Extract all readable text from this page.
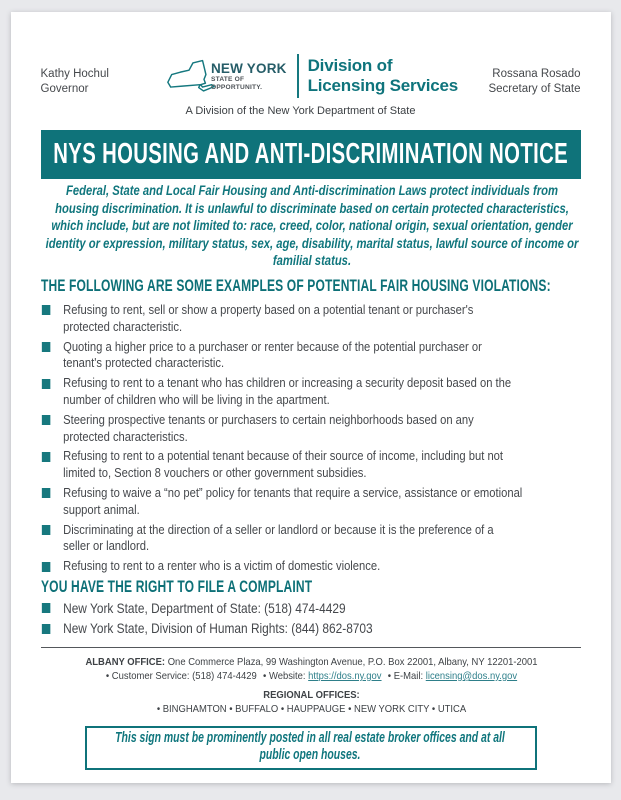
Kathy Hochul
Governor
NEW YORK
STATE OF
OPPORTUNITY.
Division of
Licensing Services
Rossana Rosado
Secretary of State
A Division of the New York Department of State
NYS HOUSING AND ANTI-DISCRIMINATION NOTICE

Federal, State and Local Fair Housing and Anti-discrimination Laws protect individuals from housing discrimination. It is unlawful to discriminate based on certain protected characteristics, which include, but are not limited to: race, creed, color, national origin, sexual orientation, gender identity or expression, military status, sex, age, disability, marital status, lawful source of income or familial status.

THE FOLLOWING ARE SOME EXAMPLES OF POTENTIAL FAIR HOUSING VIOLATIONS:
Refusing to rent, sell or show a property based on a potential tenant or purchaser's protected characteristic.
Quoting a higher price to a purchaser or renter because of the potential purchaser or tenant's protected characteristic.
Refusing to rent to a tenant who has children or increasing a security deposit based on the number of children who will be living in the apartment.
Steering prospective tenants or purchasers to certain neighborhoods based on any protected characteristics.
Refusing to rent to a potential tenant because of their source of income, including but not limited to, Section 8 vouchers or other government subsidies.
Refusing to waive a “no pet” policy for tenants that require a service, assistance or emotional support animal.
Discriminating at the direction of a seller or landlord or because it is the preference of a seller or landlord.
Refusing to rent to a renter who is a victim of domestic violence.
YOU HAVE THE RIGHT TO FILE A COMPLAINT
New York State, Department of State: (518) 474-4429
New York State, Division of Human Rights: (844) 862-8703
ALBANY OFFICE: One Commerce Plaza, 99 Washington Avenue, P.O. Box 22001, Albany, NY 12201-2001
• Customer Service: (518) 474-4429 • Website: https://dos.ny.gov • E-Mail: licensing@dos.ny.gov
REGIONAL OFFICES:
• BINGHAMTON • BUFFALO • HAUPPAUGE • NEW YORK CITY • UTICA
This sign must be prominently posted in all real estate broker offices and at all public open houses.
